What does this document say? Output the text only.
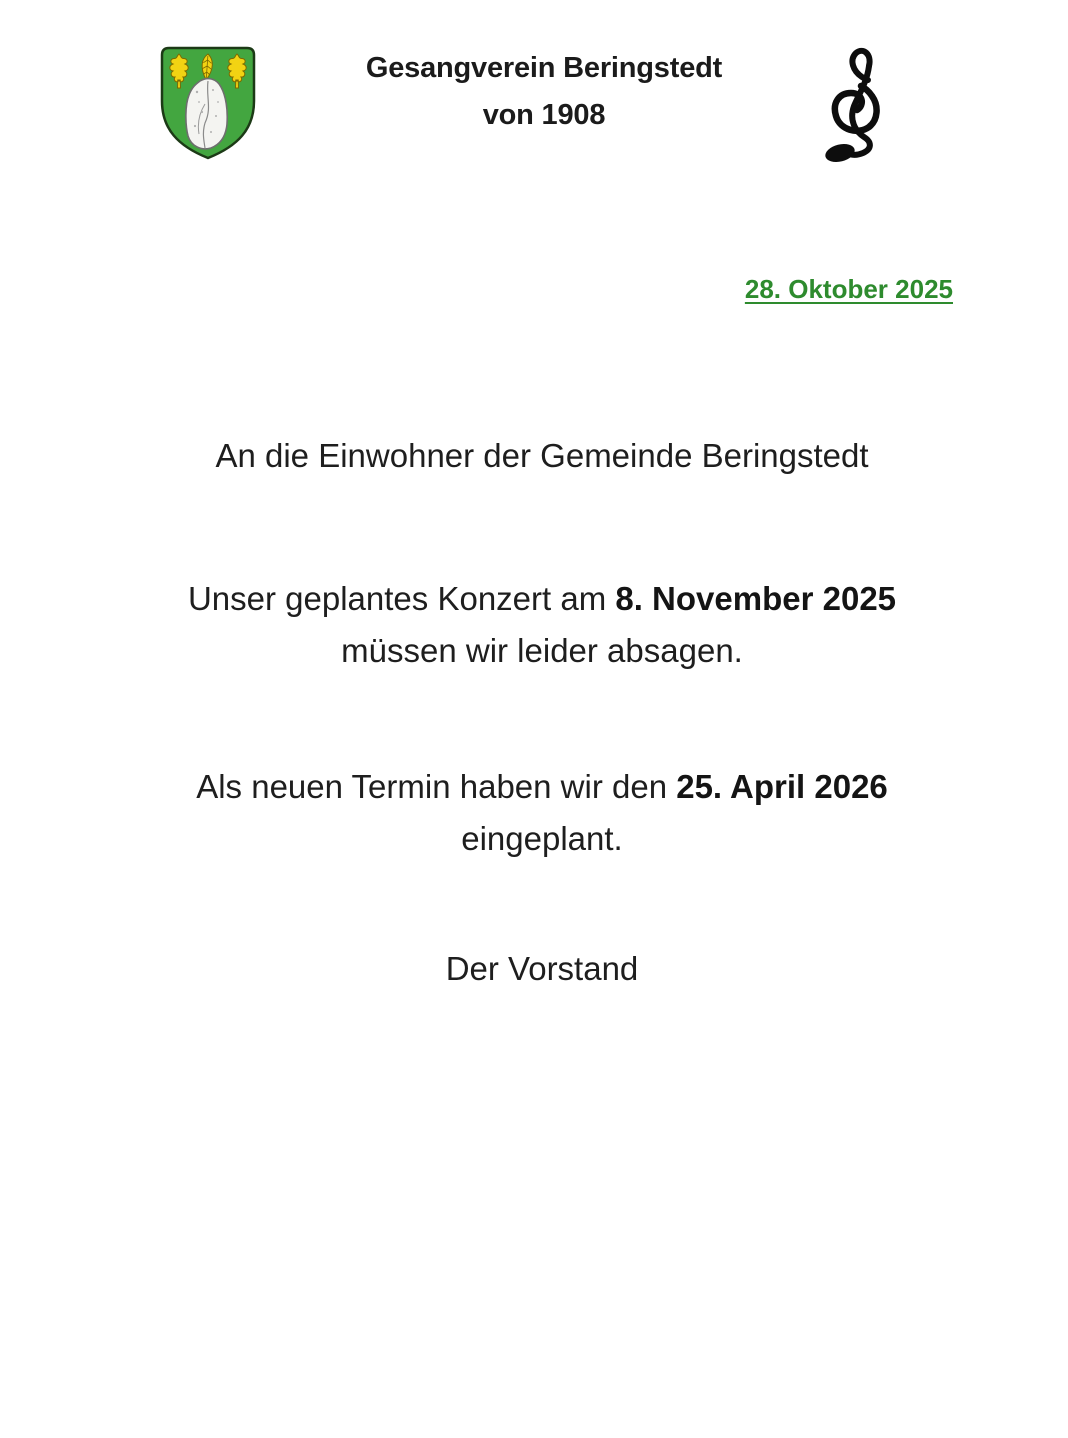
Gesangverein Beringstedt
von 1908
28. Oktober 2025

An die Einwohner der Gemeinde Beringstedt

Unser geplantes Konzert am 8. November 2025
müssen wir leider absagen.

Als neuen Termin haben wir den 25. April 2026
eingeplant.

Der Vorstand
